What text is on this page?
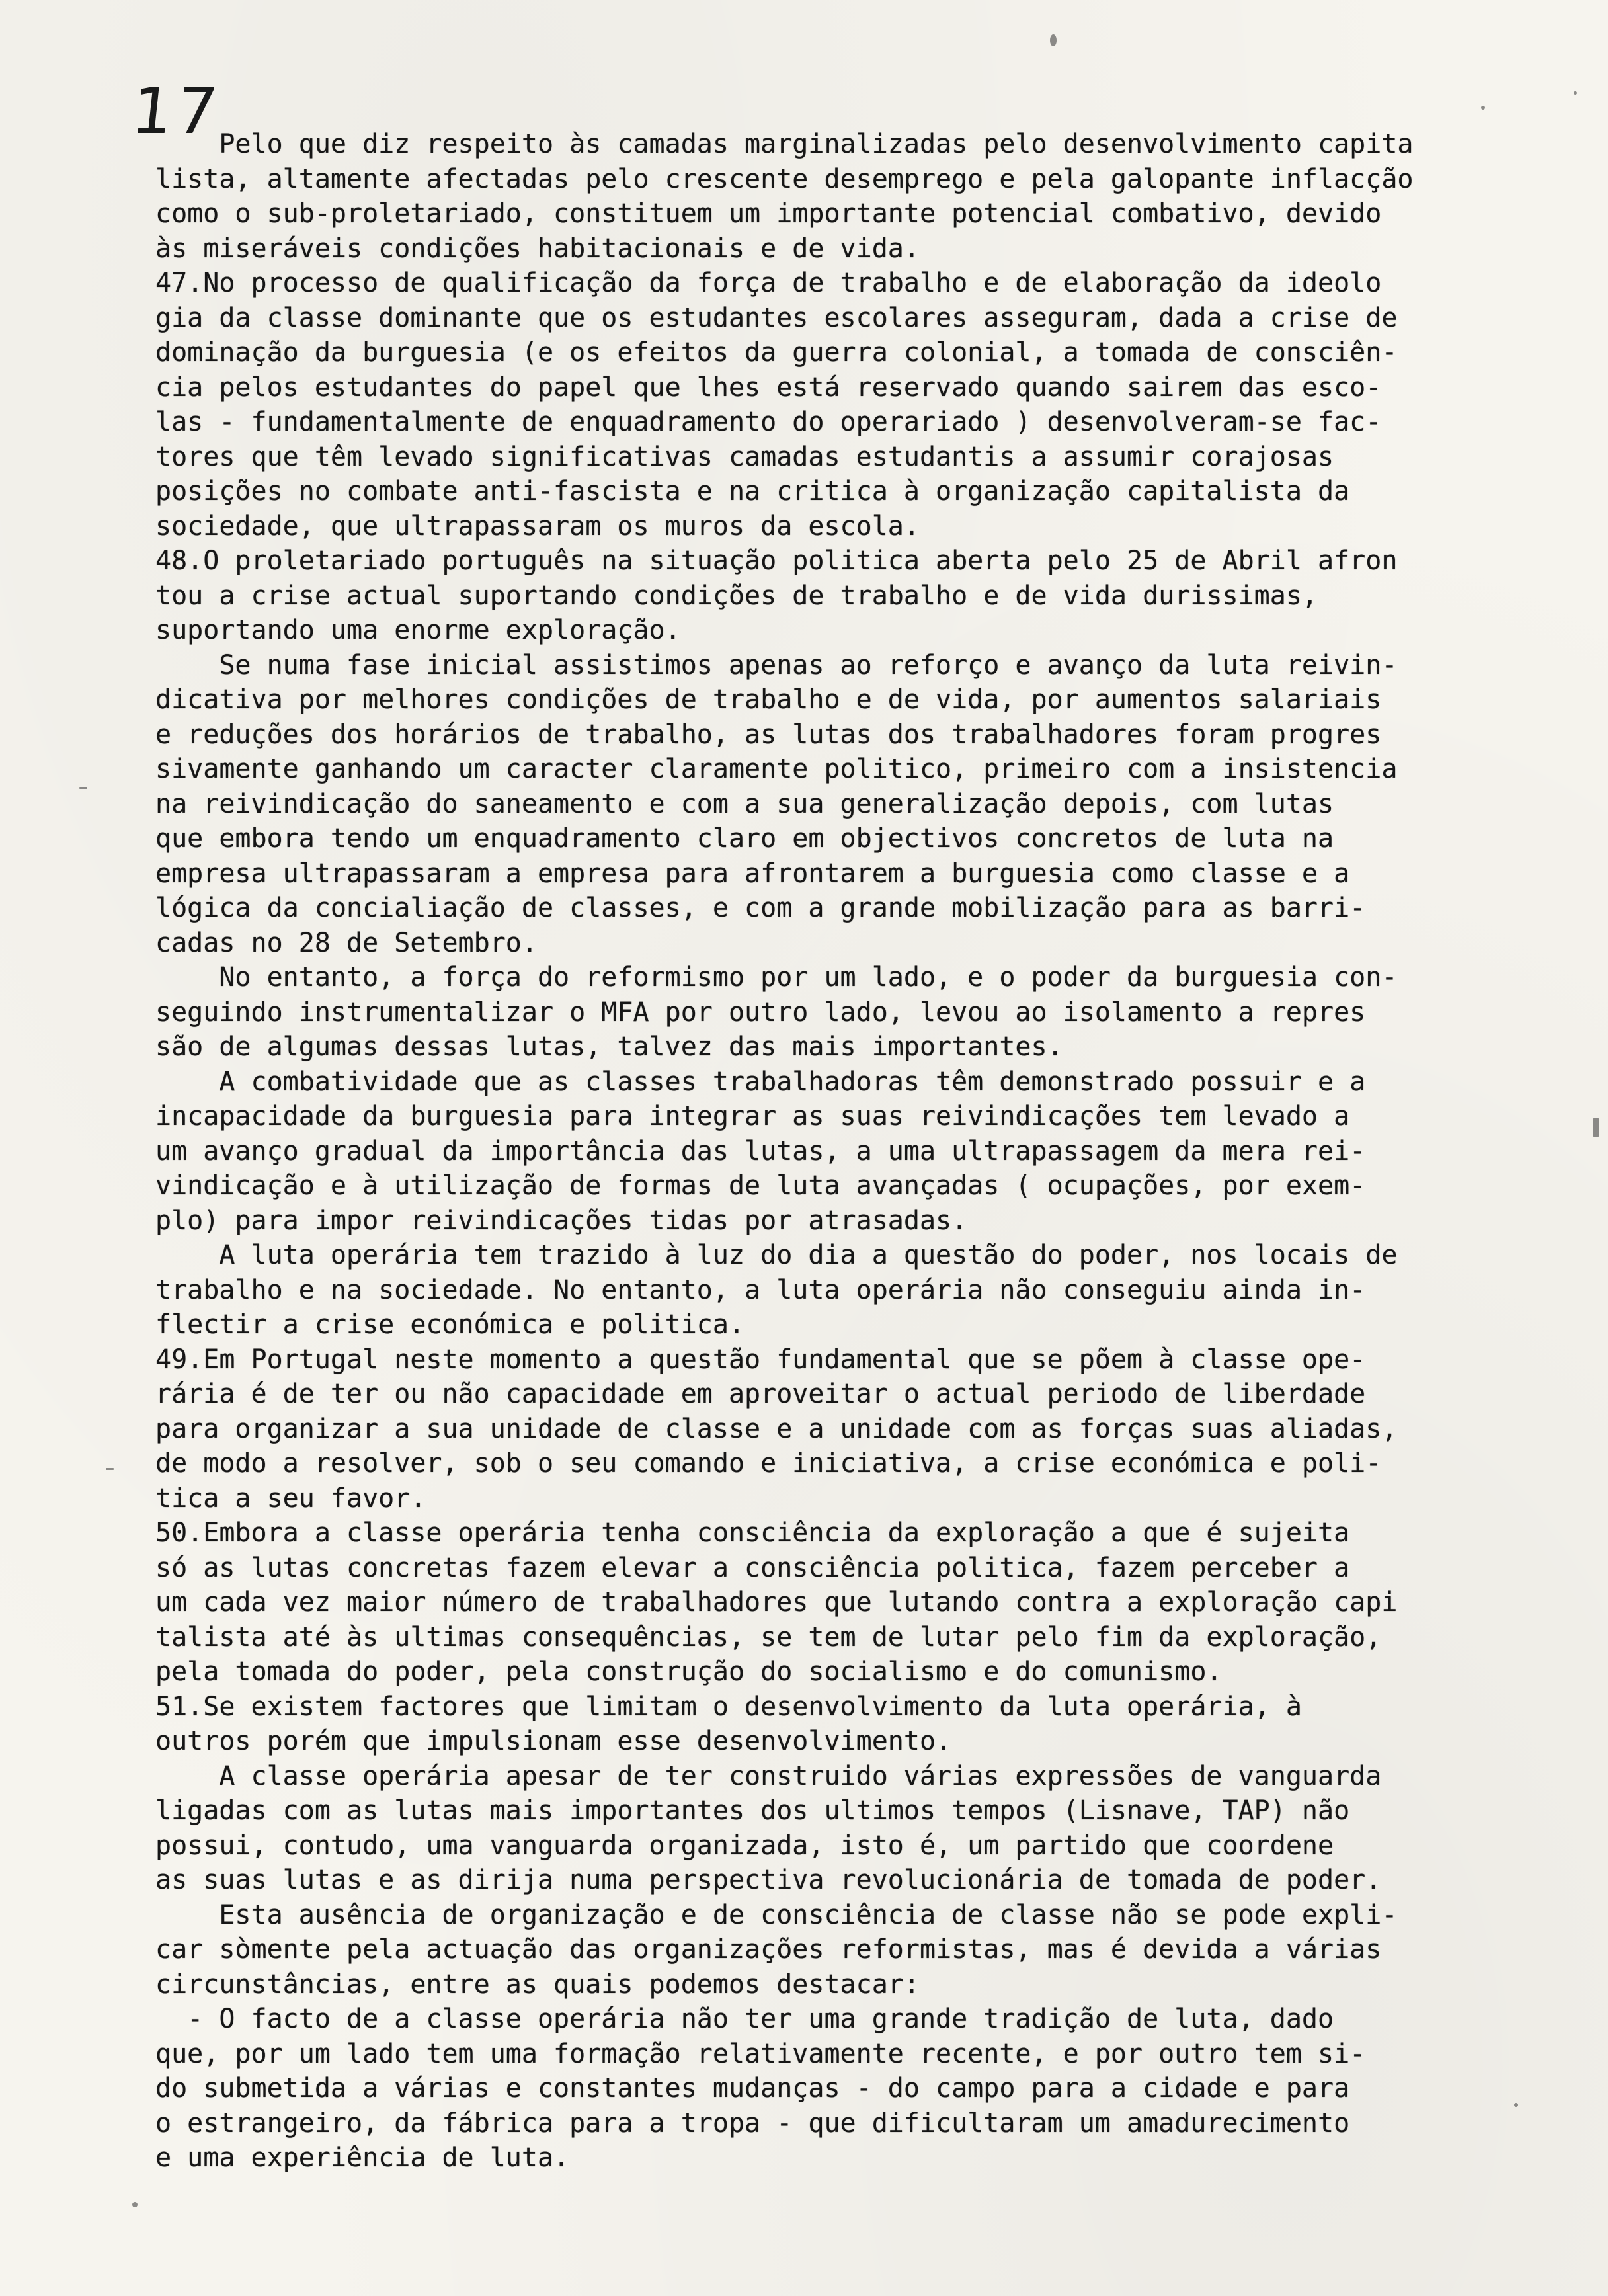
17
Pelo que diz respeito às camadas marginalizadas pelo desenvolvimento capita
lista, altamente afectadas pelo crescente desemprego e pela galopante inflacção
como o sub-proletariado, constituem um importante potencial combativo, devido
às miseráveis condições habitacionais e de vida.
47.No processo de qualificação da força de trabalho e de elaboração da ideolo
gia da classe dominante que os estudantes escolares asseguram, dada a crise de
dominação da burguesia (e os efeitos da guerra colonial, a tomada de consciên-
cia pelos estudantes do papel que lhes está reservado quando sairem das esco-
las - fundamentalmente de enquadramento do operariado ) desenvolveram-se fac-
tores que têm levado significativas camadas estudantis a assumir corajosas
posições no combate anti-fascista e na critica à organização capitalista da
sociedade, que ultrapassaram os muros da escola.
48.O proletariado português na situação politica aberta pelo 25 de Abril afron
tou a crise actual suportando condições de trabalho e de vida durissimas,
suportando uma enorme exploração.
Se numa fase inicial assistimos apenas ao reforço e avanço da luta reivin-
dicativa por melhores condições de trabalho e de vida, por aumentos salariais
e reduções dos horários de trabalho, as lutas dos trabalhadores foram progres
sivamente ganhando um caracter claramente politico, primeiro com a insistencia
na reivindicação do saneamento e com a sua generalização depois, com lutas
que embora tendo um enquadramento claro em objectivos concretos de luta na
empresa ultrapassaram a empresa para afrontarem a burguesia como classe e a
lógica da concialiação de classes, e com a grande mobilização para as barri-
cadas no 28 de Setembro.
No entanto, a força do reformismo por um lado, e o poder da burguesia con-
seguindo instrumentalizar o MFA por outro lado, levou ao isolamento a repres
são de algumas dessas lutas, talvez das mais importantes.
A combatividade que as classes trabalhadoras têm demonstrado possuir e a
incapacidade da burguesia para integrar as suas reivindicações tem levado a
um avanço gradual da importância das lutas, a uma ultrapassagem da mera rei-
vindicação e à utilização de formas de luta avançadas ( ocupações, por exem-
plo) para impor reivindicações tidas por atrasadas.
A luta operária tem trazido à luz do dia a questão do poder, nos locais de
trabalho e na sociedade. No entanto, a luta operária não conseguiu ainda in-
flectir a crise económica e politica.
49.Em Portugal neste momento a questão fundamental que se põem à classe ope-
rária é de ter ou não capacidade em aproveitar o actual periodo de liberdade
para organizar a sua unidade de classe e a unidade com as forças suas aliadas,
de modo a resolver, sob o seu comando e iniciativa, a crise económica e poli-
tica a seu favor.
50.Embora a classe operária tenha consciência da exploração a que é sujeita
só as lutas concretas fazem elevar a consciência politica, fazem perceber a
um cada vez maior número de trabalhadores que lutando contra a exploração capi
talista até às ultimas consequências, se tem de lutar pelo fim da exploração,
pela tomada do poder, pela construção do socialismo e do comunismo.
51.Se existem factores que limitam o desenvolvimento da luta operária, à
outros porém que impulsionam esse desenvolvimento.
A classe operária apesar de ter construido várias expressões de vanguarda
ligadas com as lutas mais importantes dos ultimos tempos (Lisnave, TAP) não
possui, contudo, uma vanguarda organizada, isto é, um partido que coordene
as suas lutas e as dirija numa perspectiva revolucionária de tomada de poder.
Esta ausência de organização e de consciência de classe não se pode expli-
car sòmente pela actuação das organizações reformistas, mas é devida a várias
circunstâncias, entre as quais podemos destacar:
- O facto de a classe operária não ter uma grande tradição de luta, dado
que, por um lado tem uma formação relativamente recente, e por outro tem si-
do submetida a várias e constantes mudanças - do campo para a cidade e para
o estrangeiro, da fábrica para a tropa - que dificultaram um amadurecimento
e uma experiência de luta.
